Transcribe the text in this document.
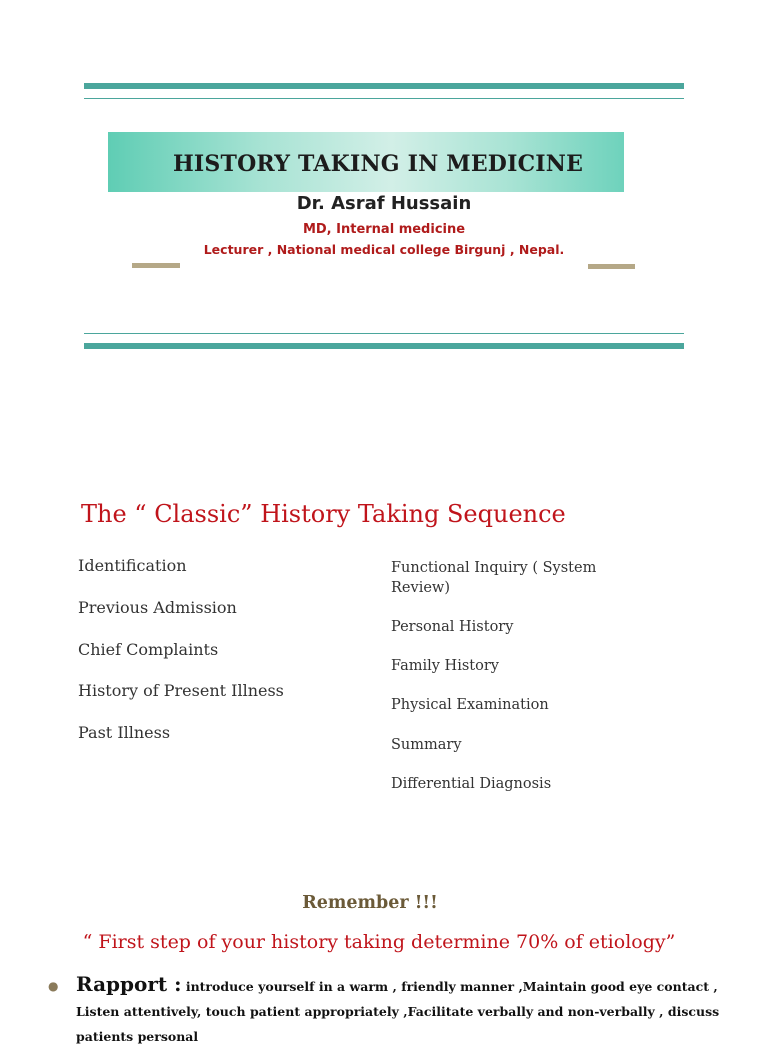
HISTORY TAKING IN MEDICINE
Dr. Asraf Hussain
MD, Internal medicine
Lecturer , National medical college Birgunj , Nepal.
The “ Classic” History Taking Sequence
Identification
Previous Admission
Chief Complaints
History of Present Illness
Past Illness
Functional Inquiry ( System Review)
Personal History
Family History
Physical Examination
Summary
Differential Diagnosis
Remember !!!
“ First step of your history taking determine 70% of etiology”
● Rapport : introduce yourself in a warm , friendly manner ,Maintain good eye contact , Listen attentively, touch patient appropriately ,Facilitate verbally and non-verbally , discuss patients personal
